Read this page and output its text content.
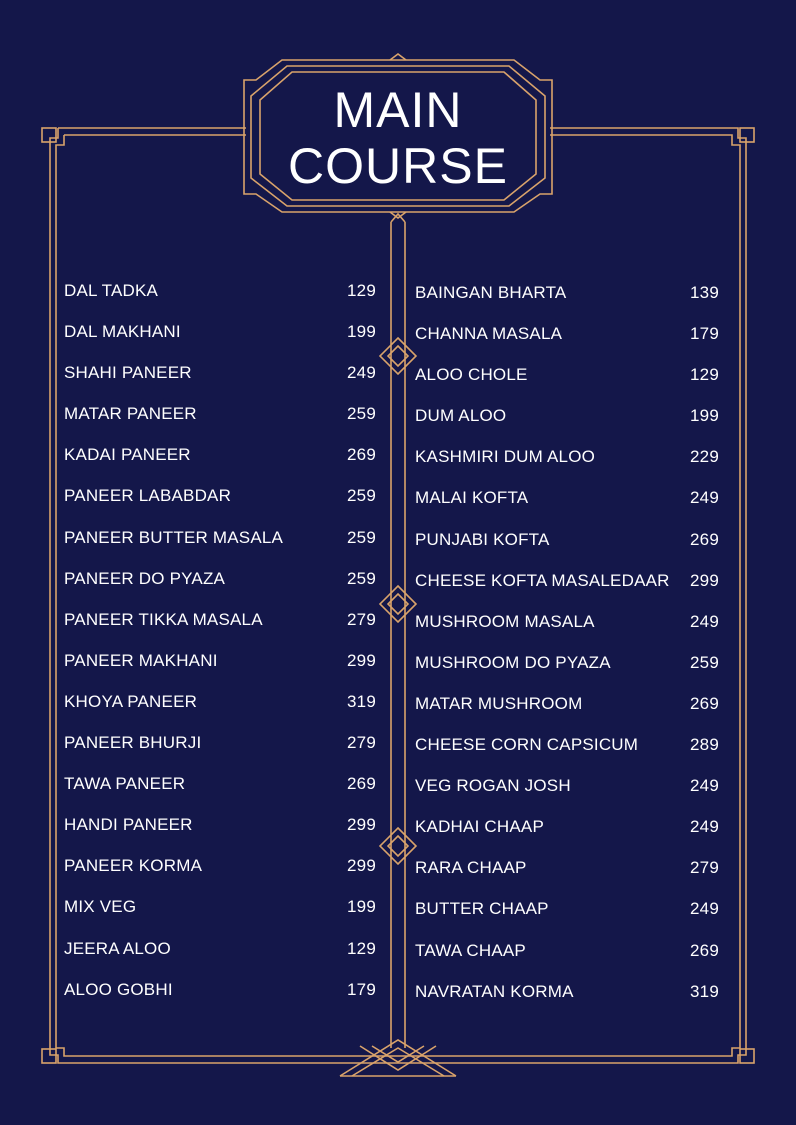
MAIN
COURSE
DAL TADKA	129
DAL MAKHANI	199
SHAHI PANEER	249
MATAR PANEER	259
KADAI PANEER	269
PANEER LABABDAR	259
PANEER BUTTER MASALA	259
PANEER DO PYAZA	259
PANEER TIKKA MASALA	279
PANEER MAKHANI	299
KHOYA PANEER	319
PANEER BHURJI	279
TAWA PANEER	269
HANDI PANEER	299
PANEER KORMA	299
MIX VEG	199
JEERA ALOO	129
ALOO GOBHI	179
BAINGAN BHARTA	139
CHANNA MASALA	179
ALOO CHOLE	129
DUM ALOO	199
KASHMIRI DUM ALOO	229
MALAI KOFTA	249
PUNJABI KOFTA	269
CHEESE KOFTA MASALEDAAR 299
MUSHROOM MASALA	249
MUSHROOM DO PYAZA	259
MATAR MUSHROOM	269
CHEESE CORN CAPSICUM	289
VEG ROGAN JOSH	249
KADHAI CHAAP	249
RARA CHAAP	279
BUTTER CHAAP	249
TAWA CHAAP	269
NAVRATAN KORMA	319
